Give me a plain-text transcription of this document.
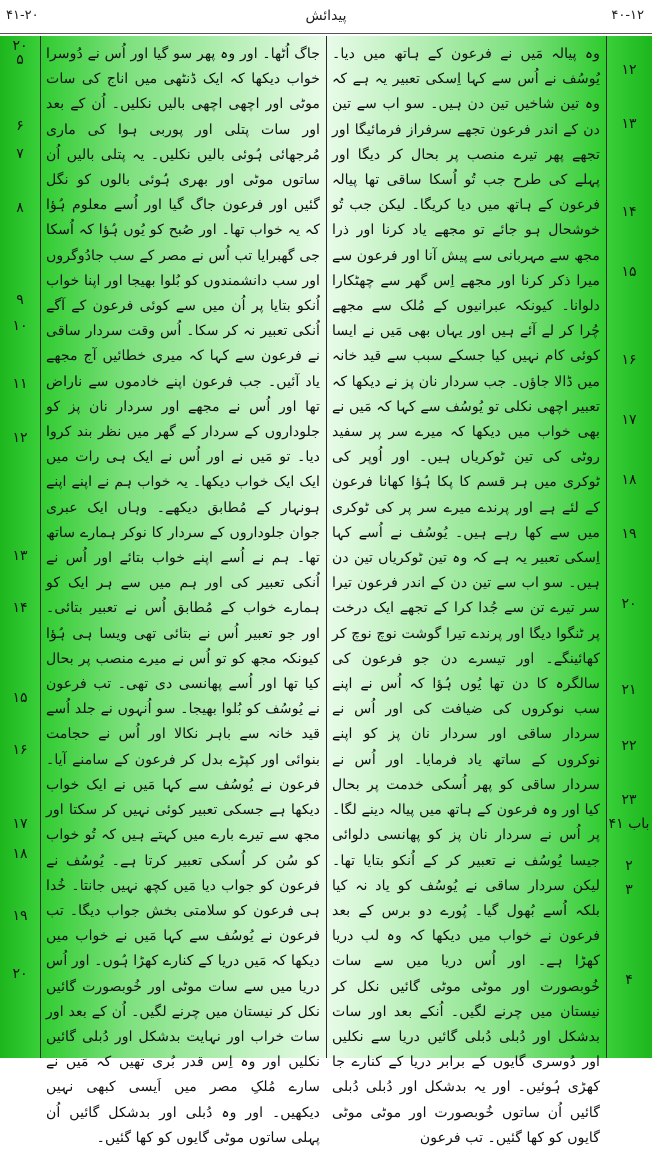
۴۱-۲۰	پیدائش	۴۰-۱۲
جاگ اُٹھا۔ اور وہ پھر سو گیا اور اُس نے دُوسرا خواب دیکھا کہ ایک ڈنٹھی میں اناج کی سات موٹی اور اچھی اچھی بالیں نکلیں۔ اُن کے بعد اور سات پتلی اور پوربی ہوا کی ماری مُرجھائی ہُوئی بالیں نکلیں۔ یہ پتلی بالیں اُن ساتوں موٹی اور بھری ہُوئی بالوں کو نگل گئیں اور فرعون جاگ گیا اور اُسے معلوم ہُؤا کہ یہ خواب تھا۔ اور صُبح کو یُوں ہُؤا کہ اُسکا جی گھبرایا تب اُس نے مصر کے سب جادُوگروں اور سب دانشمندوں کو بُلوا بھیجا اور اپنا خواب اُنکو بتایا پر اُن میں سے کوئی فرعون کے آگے اُنکی تعبیر نہ کر سکا۔ اُس وقت سردار ساقی نے فرعون سے کہا کہ میری خطائیں آج مجھے یاد آئیں۔ جب فرعون اپنے خادموں سے ناراض تھا اور اُس نے مجھے اور سردار نان پز کو جلوداروں کے سردار کے گھر میں نظر بند کروا دیا۔ تو مَیں نے اور اُس نے ایک ہی رات میں ایک ایک خواب دیکھا۔ یہ خواب ہم نے اپنے اپنے ہونہار کے مُطابق دیکھے۔ وہاں ایک عبری جوان جلوداروں کے سردار کا نوکر ہمارے ساتھ تھا۔ ہم نے اُسے اپنے خواب بتائے اور اُس نے اُنکی تعبیر کی اور ہم میں سے ہر ایک کو ہمارے خواب کے مُطابق اُس نے تعبیر بتائی۔ اور جو تعبیر اُس نے بتائی تھی ویسا ہی ہُؤا کیونکہ مجھ کو تو اُس نے میرے منصب پر بحال کیا تھا اور اُسے پھانسی دی تھی۔ تب فرعون نے یُوسُف کو بُلوا بھیجا۔ سو اُنہوں نے جلد اُسے قید خانہ سے باہر نکالا اور اُس نے حجامت بنوائی اور کپڑے بدل کر فرعون کے سامنے آیا۔ فرعون نے یُوسُف سے کہا مَیں نے ایک خواب دیکھا ہے جسکی تعبیر کوئی نہیں کر سکتا اور مجھ سے تیرے بارے میں کہتے ہیں کہ تُو خواب کو سُن کر اُسکی تعبیر کرتا ہے۔ یُوسُف نے فرعون کو جواب دیا مَیں کچھ نہیں جانتا۔ خُدا ہی فرعون کو سلامتی بخش جواب دیگا۔ تب فرعون نے یُوسُف سے کہا مَیں نے خواب میں دیکھا کہ مَیں دریا کے کنارے کھڑا ہُوں۔ اور اُس دریا میں سے سات موٹی اور خُوبصورت گائیں نکل کر نیستان میں چرنے لگیں۔ اُن کے بعد اور سات خراب اور نہایت بدشکل اور دُبلی گائیں نکلیں اور وہ اِس قدر بُری تھیں کہ مَیں نے سارے مُلکِ مصر میں اَیسی کبھی نہیں دیکھیں۔ اور وہ دُبلی اور بدشکل گائیں اُن پہلی ساتوں موٹی گایوں کو کھا گئیں۔
وہ پیالہ مَیں نے فرعون کے ہاتھ میں دیا۔ یُوسُف نے اُس سے کہا اِسکی تعبیر یہ ہے کہ وہ تین شاخیں تین دن ہیں۔ سو اب سے تین دن کے اندر فرعون تجھے سرفراز فرمائیگا اور تجھے پھر تیرے منصب پر بحال کر دیگا اور پہلے کی طرح جب تُو اُسکا ساقی تھا پیالہ فرعون کے ہاتھ میں دیا کریگا۔ لیکن جب تُو خوشحال ہو جائے تو مجھے یاد کرنا اور ذرا مجھ سے مہربانی سے پیش آنا اور فرعون سے میرا ذکر کرنا اور مجھے اِس گھر سے چھٹکارا دلوانا۔ کیونکہ عبرانیوں کے مُلک سے مجھے چُرا کر لے آئے ہیں اور یہاں بھی مَیں نے ایسا کوئی کام نہیں کیا جسکے سبب سے قید خانہ میں ڈالا جاؤں۔ جب سردار نان پز نے دیکھا کہ تعبیر اچھی نکلی تو یُوسُف سے کہا کہ مَیں نے بھی خواب میں دیکھا کہ میرے سر پر سفید روٹی کی تین ٹوکریاں ہیں۔ اور اُوپر کی ٹوکری میں ہر قسم کا پکا ہُؤا کھانا فرعون کے لئے ہے اور پرندے میرے سر پر کی ٹوکری میں سے کھا رہے ہیں۔ یُوسُف نے اُسے کہا اِسکی تعبیر یہ ہے کہ وہ تین ٹوکریاں تین دن ہیں۔ سو اب سے تین دن کے اندر فرعون تیرا سر تیرے تن سے جُدا کرا کے تجھے ایک درخت پر ٹنگوا دیگا اور پرندے تیرا گوشت نوچ نوچ کر کھائینگے۔ اور تیسرے دن جو فرعون کی سالگرہ کا دن تھا یُوں ہُؤا کہ اُس نے اپنے سب نوکروں کی ضیافت کی اور اُس نے سردار ساقی اور سردار نان پز کو اپنے نوکروں کے ساتھ یاد فرمایا۔ اور اُس نے سردار ساقی کو پھر اُسکی خدمت پر بحال کیا اور وہ فرعون کے ہاتھ میں پیالہ دینے لگا۔ پر اُس نے سردار نان پز کو پھانسی دلوائی جیسا یُوسُف نے تعبیر کر کے اُنکو بتایا تھا۔ لیکن سردار ساقی نے یُوسُف کو یاد نہ کیا بلکہ اُسے بُھول گیا۔ پُورے دو برس کے بعد فرعون نے خواب میں دیکھا کہ وہ لب دریا کھڑا ہے۔ اور اُس دریا میں سے سات خُوبصورت اور موٹی موٹی گائیں نکل کر نیستان میں چرنے لگیں۔ اُنکے بعد اور سات بدشکل اور دُبلی دُبلی گائیں دریا سے نکلیں اور دُوسری گایوں کے برابر دریا کے کنارے جا کھڑی ہُوئیں۔ اور یہ بدشکل اور دُبلی دُبلی گائیں اُن ساتوں خُوبصورت اور موٹی موٹی گایوں کو کھا گئیں۔ تب فرعون
۲۰
۵
۶
۷
۸
۹
۱۰
۱۱
۱۲
۱۳
۱۴
۱۵
۱۶
۱۷
۱۸
۱۹
۲۰
۱۲
۱۳
۱۴
۱۵
۱۶
۱۷
۱۸
۱۹
۲۰
۲۱
۲۲
۲۳
باب ۴۱
۲
۳
۴
